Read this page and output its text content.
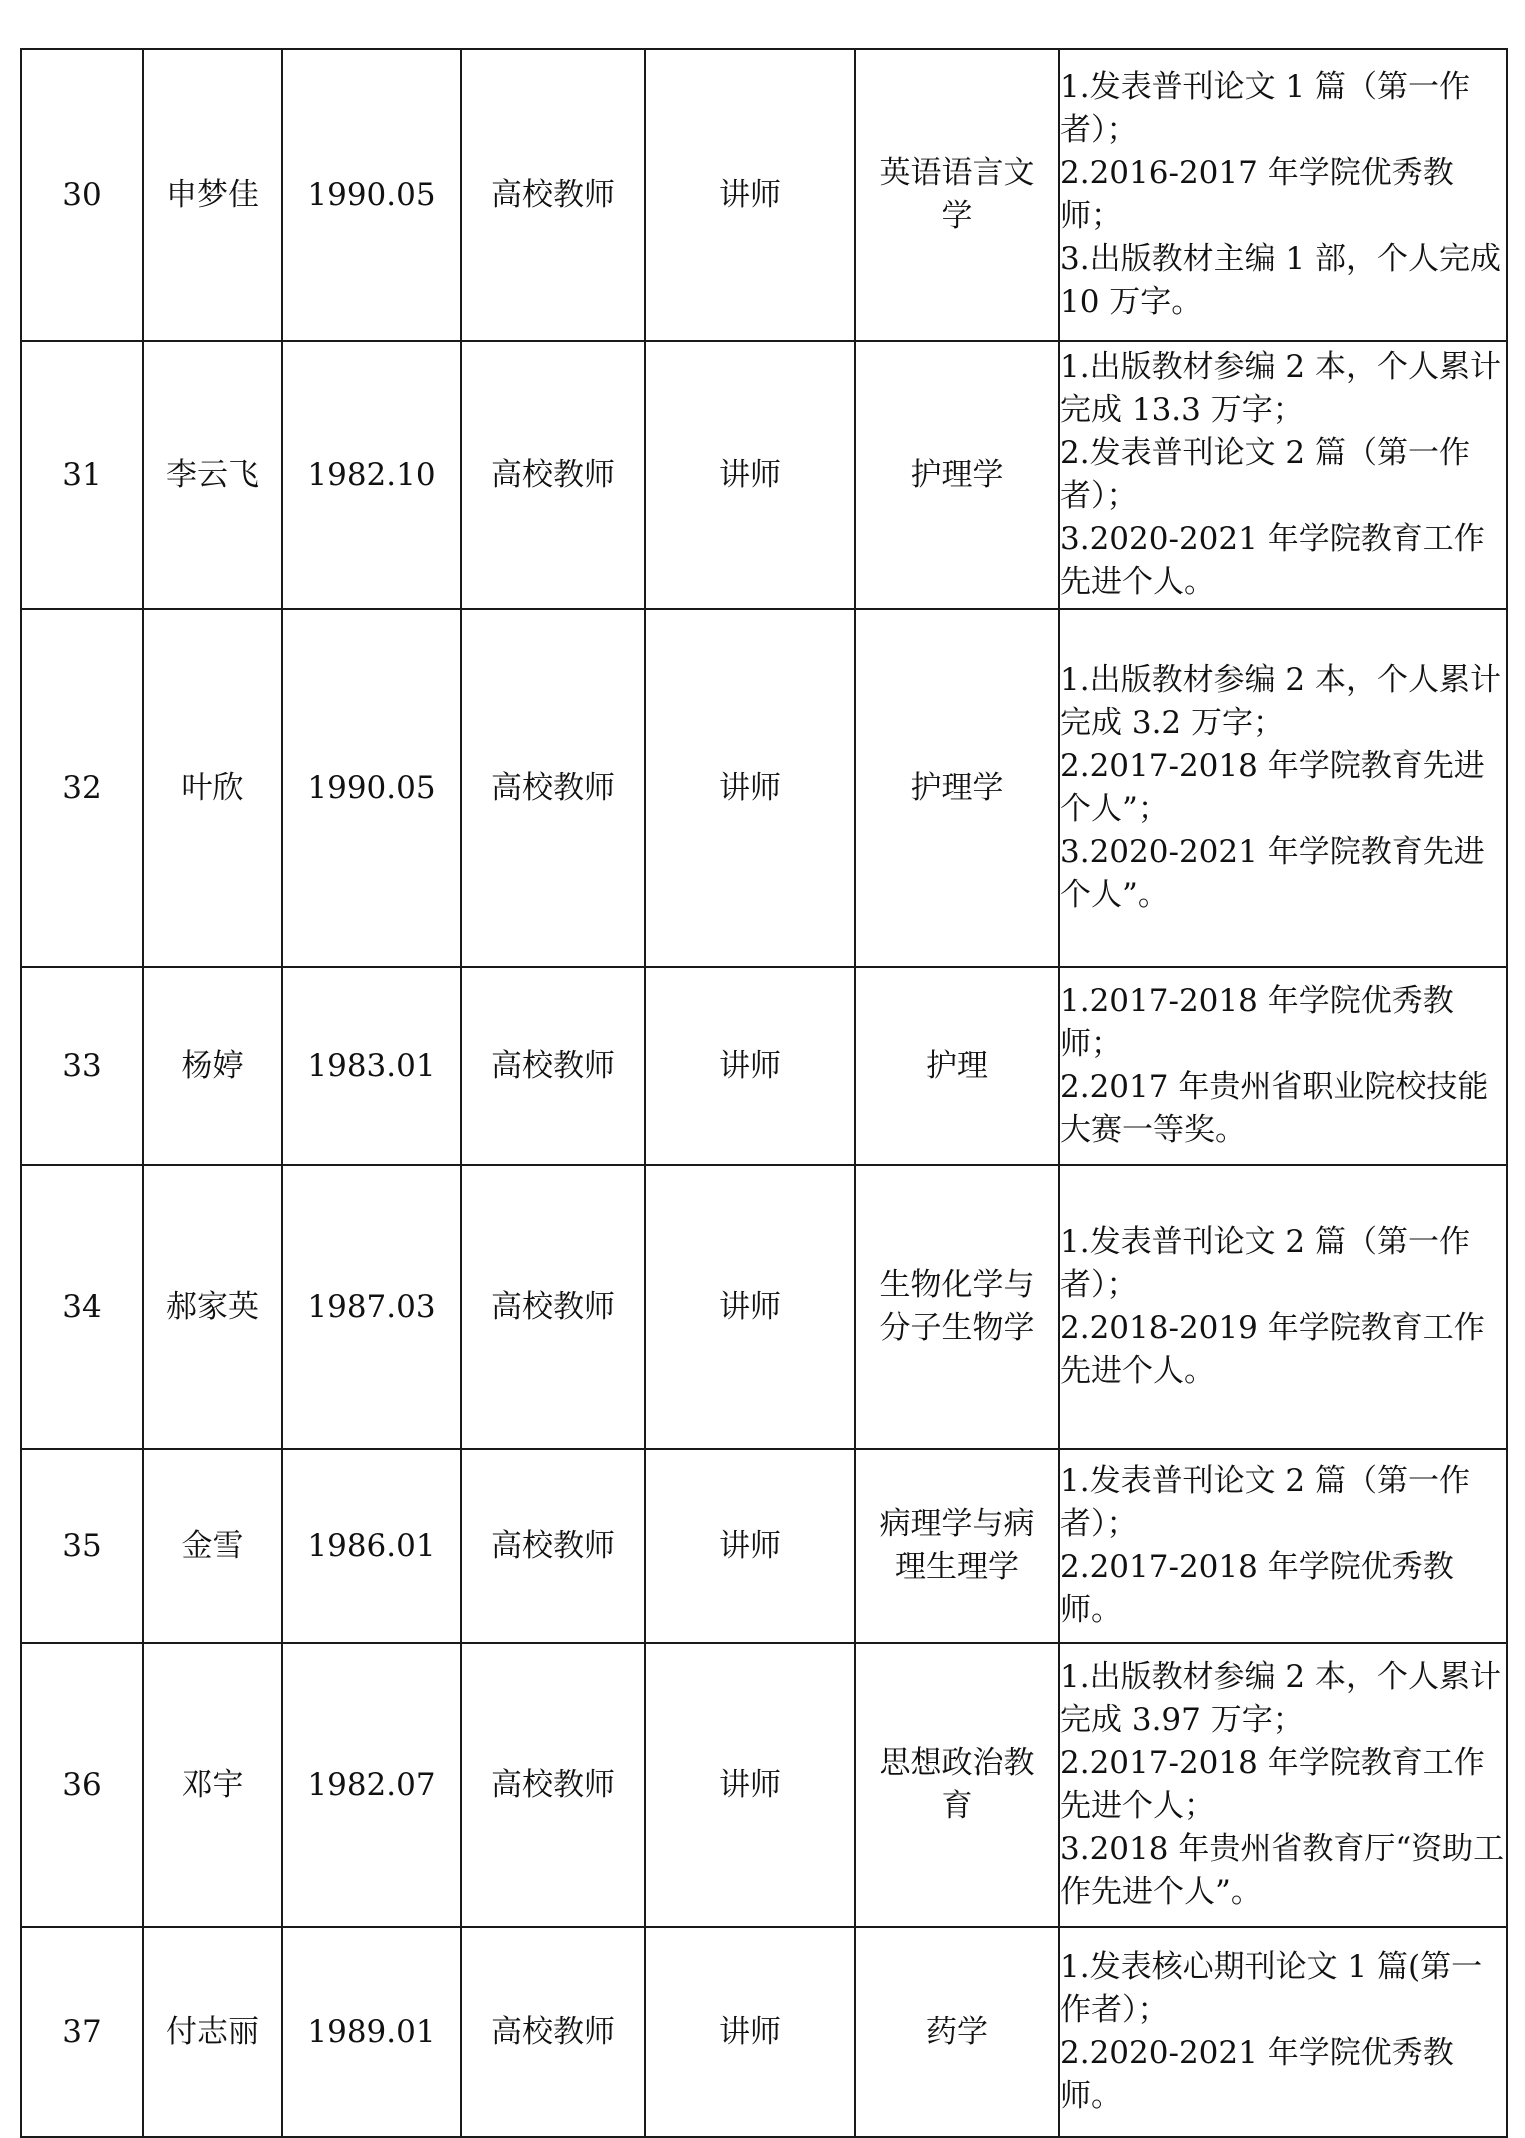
30	申梦佳	1990.05	高校教师	讲师	英语语言文学	1.发表普刊论文 1 篇（第一作者）；
2.2016-2017 年学院优秀教师；
3.出版教材主编 1 部，个人完成 10 万字。

31	李云飞	1982.10	高校教师	讲师	护理学	1.出版教材参编 2 本，个人累计完成 13.3 万字；
2.发表普刊论文 2 篇（第一作者）；
3.2020-2021 年学院教育工作先进个人。

32	叶欣	1990.05	高校教师	讲师	护理学	1.出版教材参编 2 本，个人累计完成 3.2 万字；
2.2017-2018 年学院教育先进个人”；
3.2020-2021 年学院教育先进个人”。

33	杨婷	1983.01	高校教师	讲师	护理	1.2017-2018 年学院优秀教师；
2.2017 年贵州省职业院校技能大赛一等奖。

34	郝家英	1987.03	高校教师	讲师	生物化学与分子生物学	1.发表普刊论文 2 篇（第一作者）；
2.2018-2019 年学院教育工作先进个人。

35	金雪	1986.01	高校教师	讲师	病理学与病理生理学	1.发表普刊论文 2 篇（第一作者）；
2.2017-2018 年学院优秀教师。

36	邓宇	1982.07	高校教师	讲师	思想政治教育	1.出版教材参编 2 本，个人累计完成 3.97 万字；
2.2017-2018 年学院教育工作先进个人；
3.2018 年贵州省教育厅“资助工作先进个人”。

37	付志丽	1989.01	高校教师	讲师	药学	1.发表核心期刊论文 1 篇(第一作者）；
2.2020-2021 年学院优秀教师。
